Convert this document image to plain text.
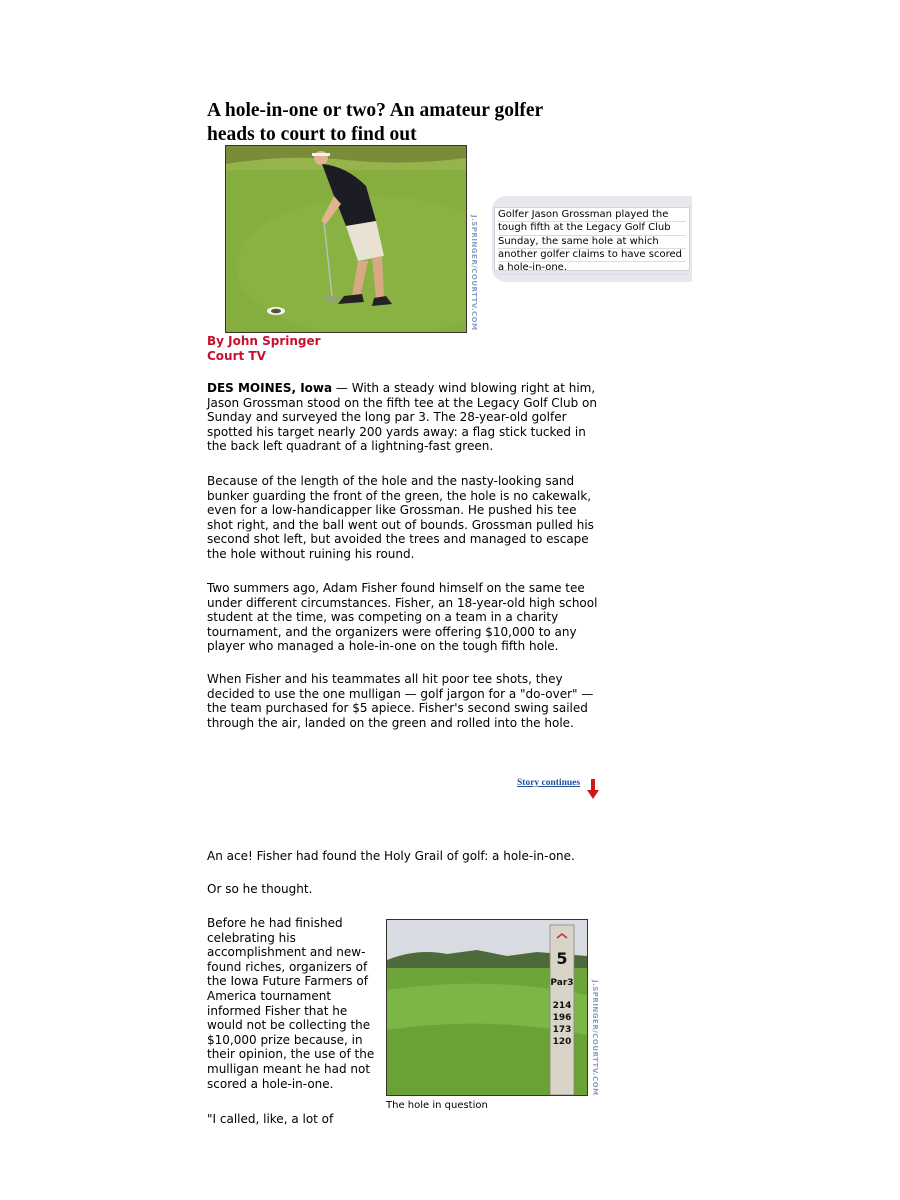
A hole-in-one or two? An amateur golfer
heads to court to find out
J.SPRINGER/COURTTV.COM
Golfer Jason Grossman played the
tough fifth at the Legacy Golf Club
Sunday, the same hole at which
another golfer claims to have scored
a hole-in-one.
By John Springer
Court TV

DES MOINES, Iowa — With a steady wind blowing right at him, Jason Grossman stood on the fifth tee at the Legacy Golf Club on Sunday and surveyed the long par 3. The 28-year-old golfer spotted his target nearly 200 yards away: a flag stick tucked in the back left quadrant of a lightning-fast green.

Because of the length of the hole and the nasty-looking sand bunker guarding the front of the green, the hole is no cakewalk, even for a low-handicapper like Grossman. He pushed his tee shot right, and the ball went out of bounds. Grossman pulled his second shot left, but avoided the trees and managed to escape the hole without ruining his round.

Two summers ago, Adam Fisher found himself on the same tee under different circumstances. Fisher, an 18-year-old high school student at the time, was competing on a team in a charity tournament, and the organizers were offering $10,000 to any player who managed a hole-in-one on the tough fifth hole.

When Fisher and his teammates all hit poor tee shots, they decided to use the one mulligan — golf jargon for a "do-over" — the team purchased for $5 apiece. Fisher's second swing sailed through the air, landed on the green and rolled into the hole.

Story continues

An ace! Fisher had found the Holy Grail of golf: a hole-in-one.

Or so he thought.

Before he had finished celebrating his accomplishment and new-found riches, organizers of the Iowa Future Farmers of America tournament informed Fisher that he would not be collecting the $10,000 prize because, in their opinion, the use of the mulligan meant he had not scored a hole-in-one.

5
Par3
214
196
173
120	J.SPRINGER/COURTTV.COM
The hole in question

"I called, like, a lot of
